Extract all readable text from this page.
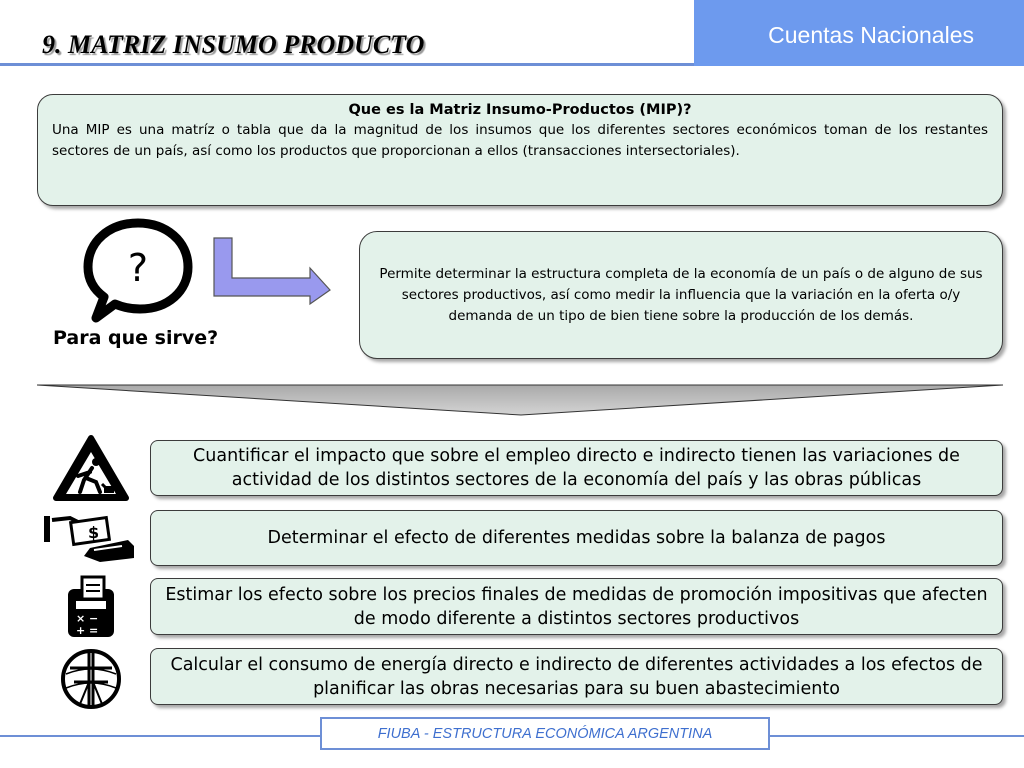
9. MATRIZ INSUMO PRODUCTO	Cuentas Nacionales
Que es la Matriz Insumo-Productos (MIP)?
Una MIP es una matríz o tabla que da la magnitud de los insumos que los diferentes sectores económicos toman de los restantes sectores de un país, así como los productos que proporcionan a ellos (transacciones intersectoriales).
?
Para que sirve?
Permite determinar la estructura completa de la economía de un país o de alguno de sus sectores productivos, así como medir la influencia que la variación en la oferta o/y demanda de un tipo de bien tiene sobre la producción de los demás.
$
× −
+ =
Cuantificar el impacto que sobre el empleo directo e indirecto tienen las variaciones de actividad de los distintos sectores de la economía del país y las obras públicas
Determinar el efecto de diferentes medidas sobre la balanza de pagos
Estimar los efecto sobre los precios finales de medidas de promoción impositivas que afecten de modo diferente a distintos sectores productivos
Calcular el consumo de energía directo e indirecto de diferentes actividades a los efectos de planificar las obras necesarias para su buen abastecimiento
FIUBA - ESTRUCTURA ECONÓMICA ARGENTINA
